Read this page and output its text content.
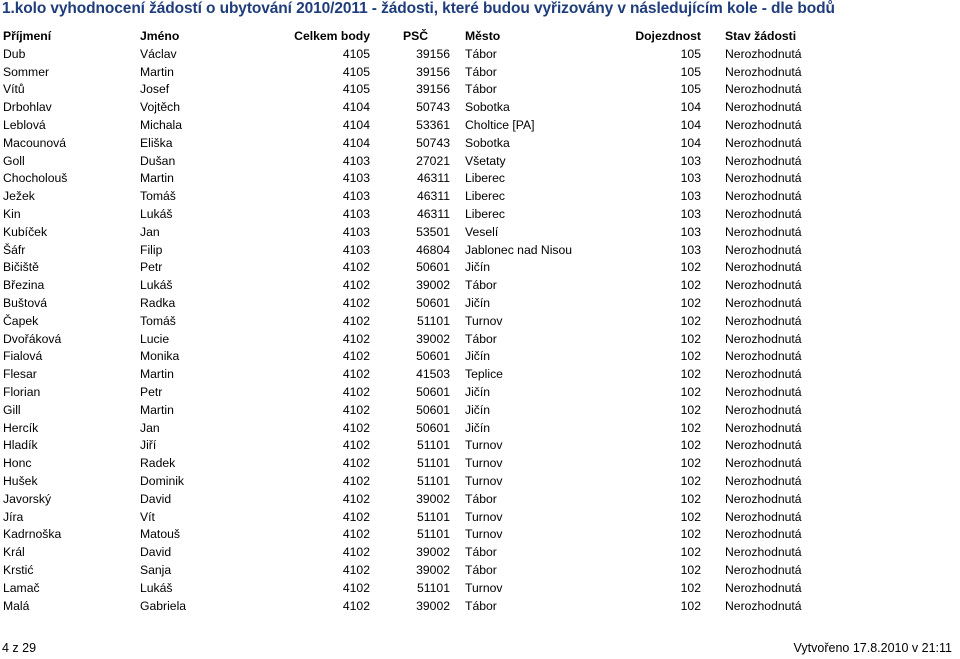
1.kolo vyhodnocení žádostí o ubytování 2010/2011 - žádosti, které budou vyřizovány v následujícím kole - dle bodů
Příjmení	Jméno	Celkem body	PSČ	Město	Dojezdnost	Stav žádosti
Dub	Václav	4105	39156	Tábor	105	Nerozhodnutá
Sommer	Martin	4105	39156	Tábor	105	Nerozhodnutá
Vítů	Josef	4105	39156	Tábor	105	Nerozhodnutá
Drbohlav	Vojtěch	4104	50743	Sobotka	104	Nerozhodnutá
Leblová	Michala	4104	53361	Choltice [PA]	104	Nerozhodnutá
Macounová	Eliška	4104	50743	Sobotka	104	Nerozhodnutá
Goll	Dušan	4103	27021	Všetaty	103	Nerozhodnutá
Chocholouš	Martin	4103	46311	Liberec	103	Nerozhodnutá
Ježek	Tomáš	4103	46311	Liberec	103	Nerozhodnutá
Kin	Lukáš	4103	46311	Liberec	103	Nerozhodnutá
Kubíček	Jan	4103	53501	Veselí	103	Nerozhodnutá
Šáfr	Filip	4103	46804	Jablonec nad Nisou	103	Nerozhodnutá
Bičiště	Petr	4102	50601	Jičín	102	Nerozhodnutá
Březina	Lukáš	4102	39002	Tábor	102	Nerozhodnutá
Buštová	Radka	4102	50601	Jičín	102	Nerozhodnutá
Čapek	Tomáš	4102	51101	Turnov	102	Nerozhodnutá
Dvořáková	Lucie	4102	39002	Tábor	102	Nerozhodnutá
Fialová	Monika	4102	50601	Jičín	102	Nerozhodnutá
Flesar	Martin	4102	41503	Teplice	102	Nerozhodnutá
Florian	Petr	4102	50601	Jičín	102	Nerozhodnutá
Gill	Martin	4102	50601	Jičín	102	Nerozhodnutá
Hercík	Jan	4102	50601	Jičín	102	Nerozhodnutá
Hladík	Jiří	4102	51101	Turnov	102	Nerozhodnutá
Honc	Radek	4102	51101	Turnov	102	Nerozhodnutá
Hušek	Dominik	4102	51101	Turnov	102	Nerozhodnutá
Javorský	David	4102	39002	Tábor	102	Nerozhodnutá
Jíra	Vít	4102	51101	Turnov	102	Nerozhodnutá
Kadrnoška	Matouš	4102	51101	Turnov	102	Nerozhodnutá
Král	David	4102	39002	Tábor	102	Nerozhodnutá
Krstić	Sanja	4102	39002	Tábor	102	Nerozhodnutá
Lamač	Lukáš	4102	51101	Turnov	102	Nerozhodnutá
Malá	Gabriela	4102	39002	Tábor	102	Nerozhodnutá
4 z 29	Vytvořeno 17.8.2010 v 21:11
